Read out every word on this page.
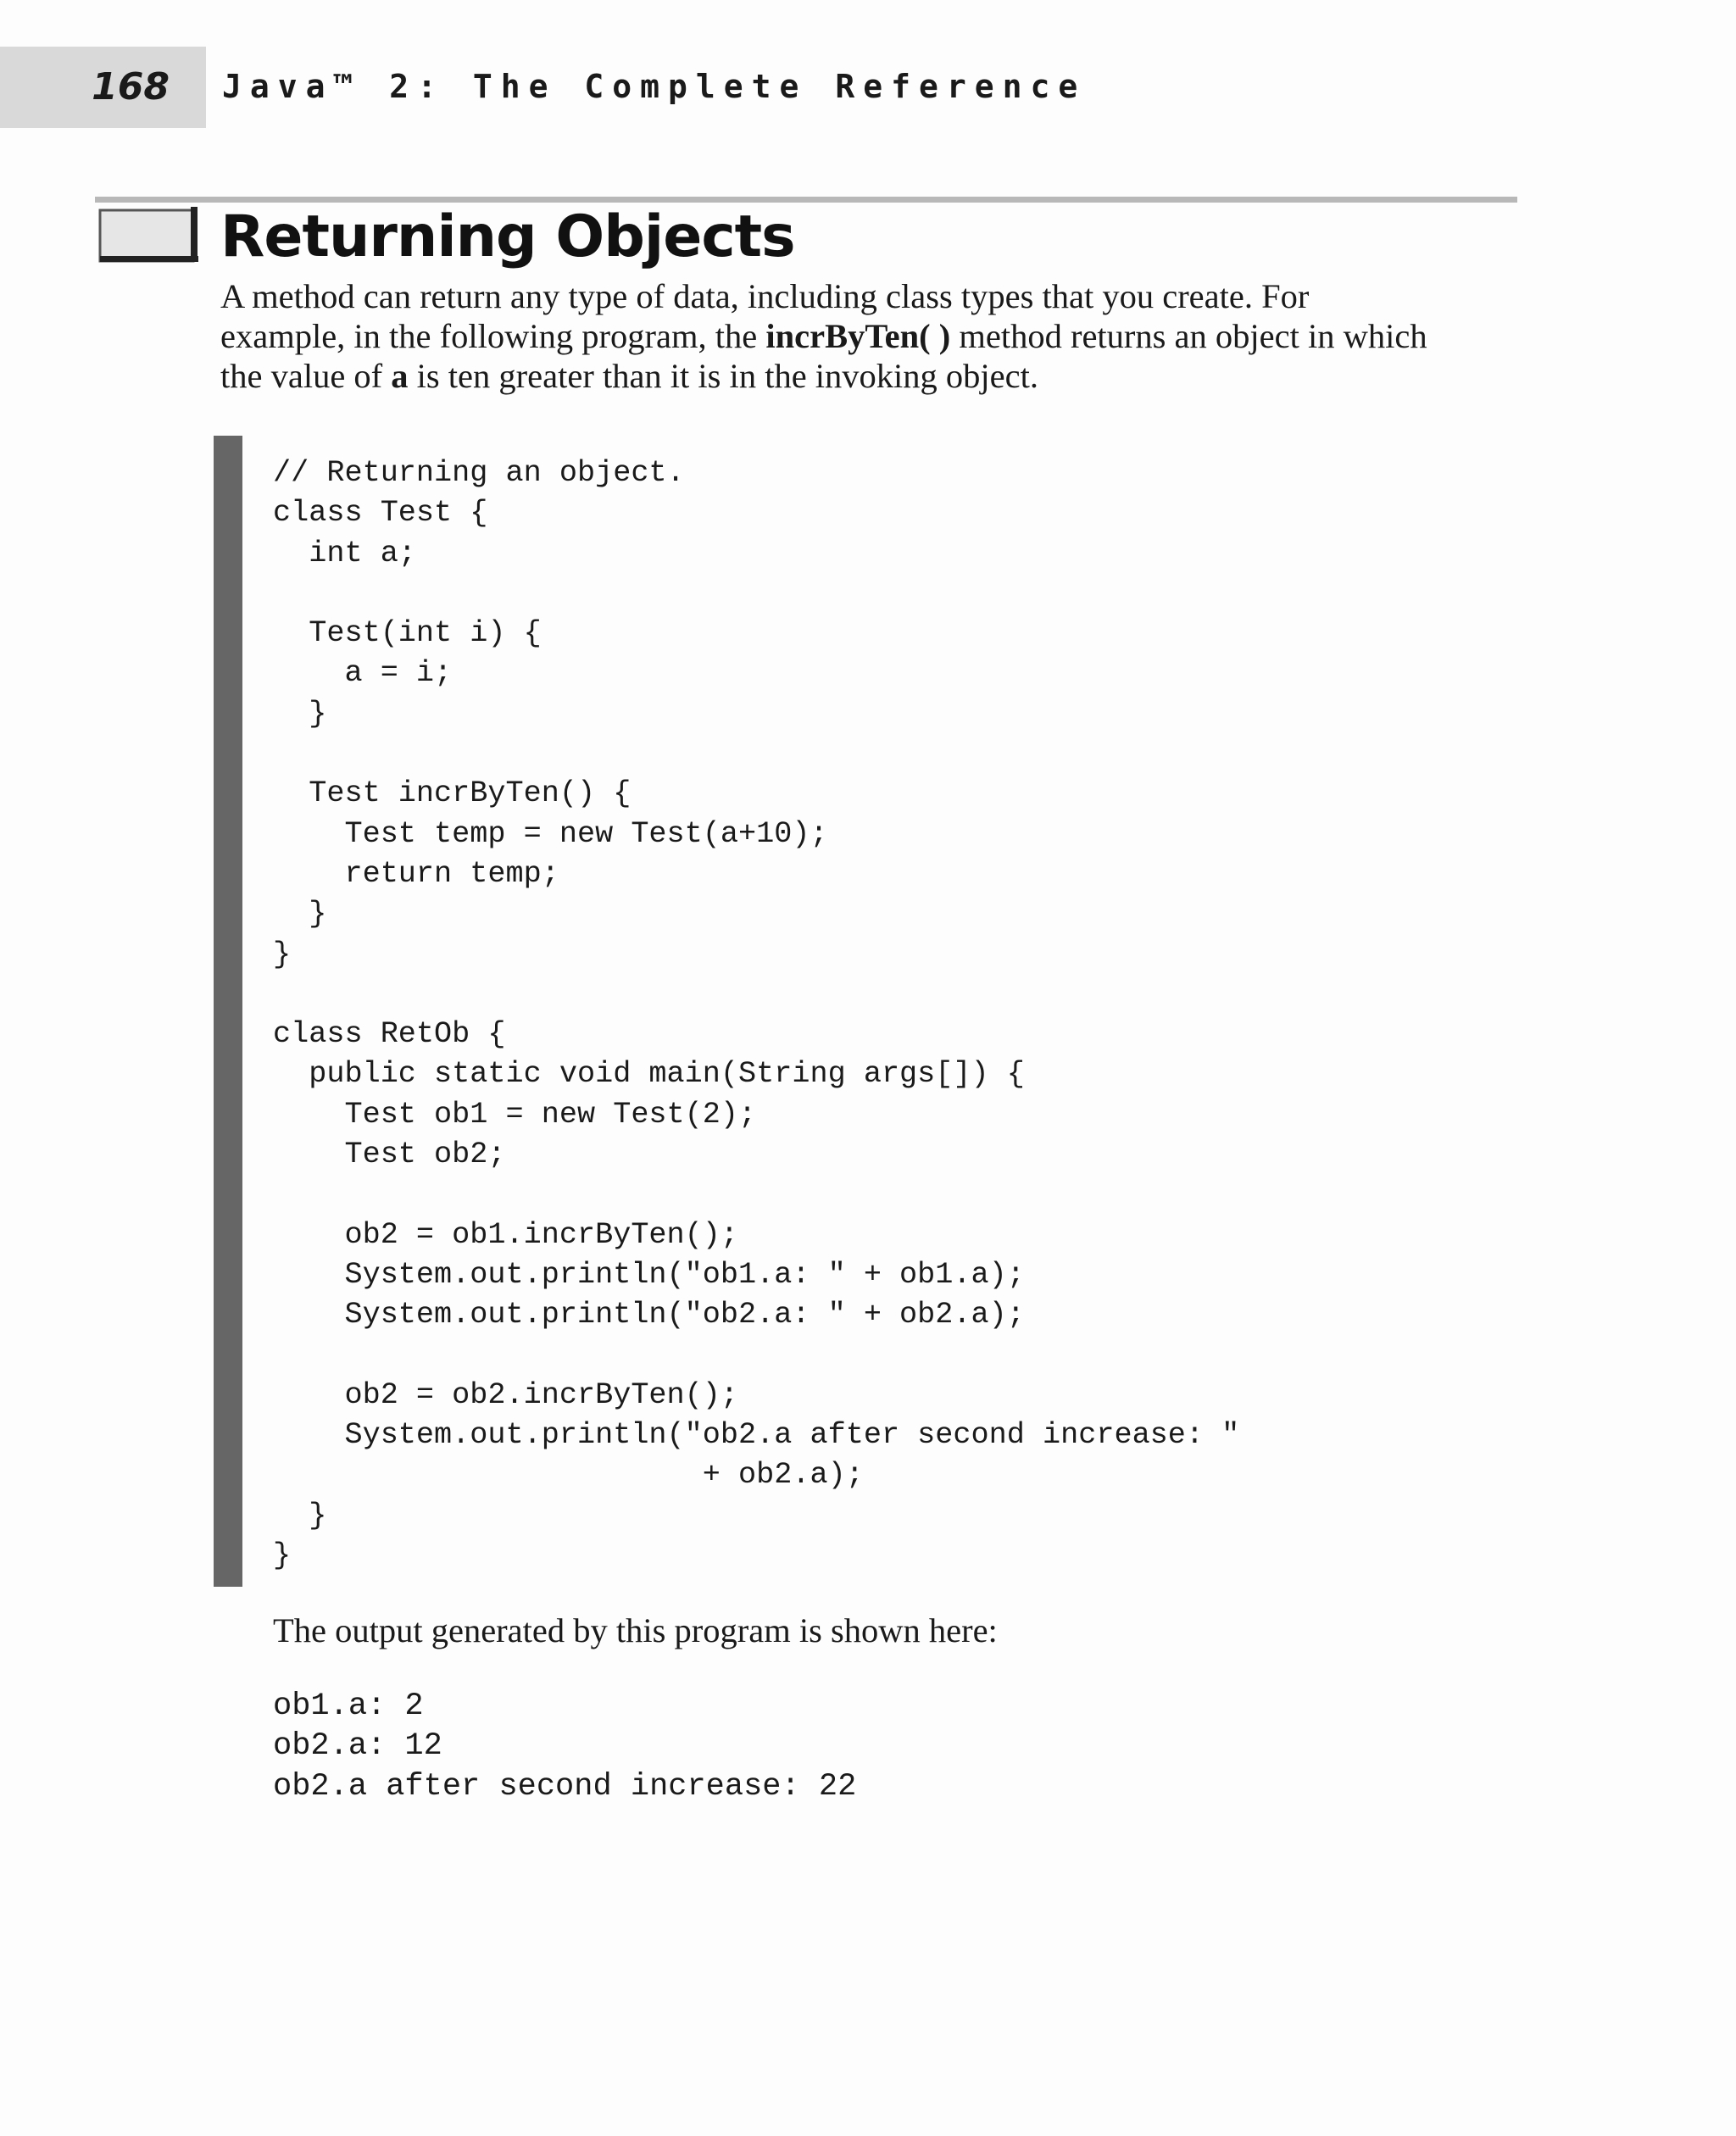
168 Java™ 2: The Complete Reference
Returning Objects

A method can return any type of data, including class types that you create. For example, in the following program, the incrByTen( ) method returns an object in which the value of a is ten greater than it is in the invoking object.

// Returning an object.
class Test {
int a;

Test(int i) {
a = i;
}

Test incrByTen() {
Test temp = new Test(a+10);
return temp;
}
}

class RetOb {
public static void main(String args[]) {
Test ob1 = new Test(2);
Test ob2;

ob2 = ob1.incrByTen();
System.out.println("ob1.a: " + ob1.a);
System.out.println("ob2.a: " + ob2.a);

ob2 = ob2.incrByTen();
System.out.println("ob2.a after second increase: "
+ ob2.a);
}
}

The output generated by this program is shown here:

ob1.a: 2
ob2.a: 12
ob2.a after second increase: 22
